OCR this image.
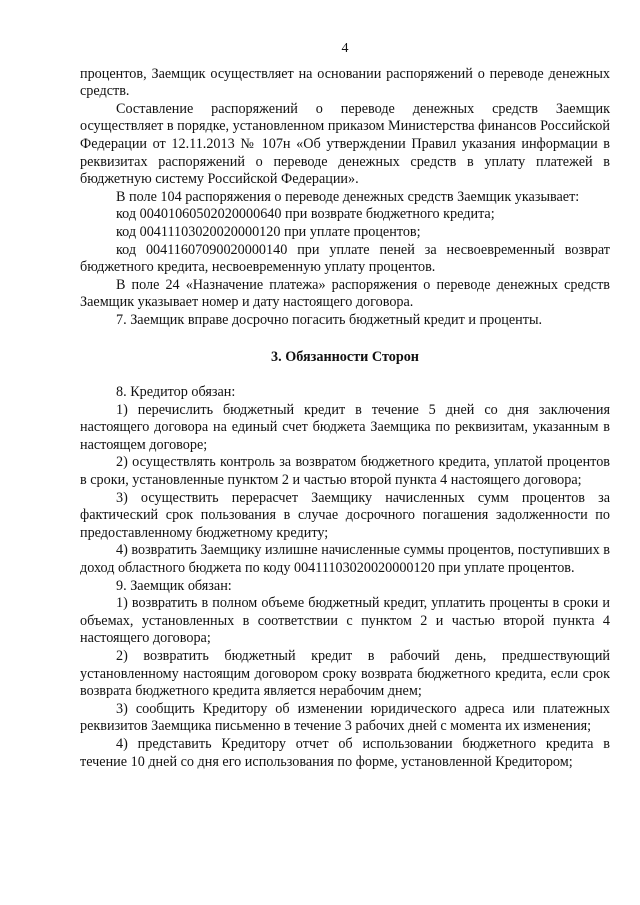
4

процентов, Заемщик осуществляет на основании распоряжений о переводе денежных средств.

Составление распоряжений о переводе денежных средств Заемщик осуществляет в порядке, установленном приказом Министерства финансов Российской Федерации от 12.11.2013 № 107н «Об утверждении Правил указания информации в реквизитах распоряжений о переводе денежных средств в уплату платежей в бюджетную систему Российской Федерации».

В поле 104 распоряжения о переводе денежных средств Заемщик указывает:

код 00401060502020000640 при возврате бюджетного кредита;

код 00411103020020000120 при уплате процентов;

код 00411607090020000140 при уплате пеней за несвоевременный возврат бюджетного кредита, несвоевременную уплату процентов.

В поле 24 «Назначение платежа» распоряжения о переводе денежных средств Заемщик указывает номер и дату настоящего договора.

7. Заемщик вправе досрочно погасить бюджетный кредит и проценты.

3. Обязанности Сторон

8. Кредитор обязан:

1) перечислить бюджетный кредит в течение 5 дней со дня заключения настоящего договора на единый счет бюджета Заемщика по реквизитам, указанным в настоящем договоре;

2) осуществлять контроль за возвратом бюджетного кредита, уплатой процентов в сроки, установленные пунктом 2 и частью второй пункта 4 настоящего договора;

3) осуществить перерасчет Заемщику начисленных сумм процентов за фактический срок пользования в случае досрочного погашения задолженности по предоставленному бюджетному кредиту;

4) возвратить Заемщику излишне начисленные суммы процентов, поступивших в доход областного бюджета по коду 00411103020020000120 при уплате процентов.

9. Заемщик обязан:

1) возвратить в полном объеме бюджетный кредит, уплатить проценты в сроки и объемах, установленных в соответствии с пунктом 2 и частью второй пункта 4 настоящего договора;

2) возвратить бюджетный кредит в рабочий день, предшествующий установленному настоящим договором сроку возврата бюджетного кредита, если срок возврата бюджетного кредита является нерабочим днем;

3) сообщить Кредитору об изменении юридического адреса или платежных реквизитов Заемщика письменно в течение 3 рабочих дней с момента их изменения;

4) представить Кредитору отчет об использовании бюджетного кредита в течение 10 дней со дня его использования по форме, установленной Кредитором;
